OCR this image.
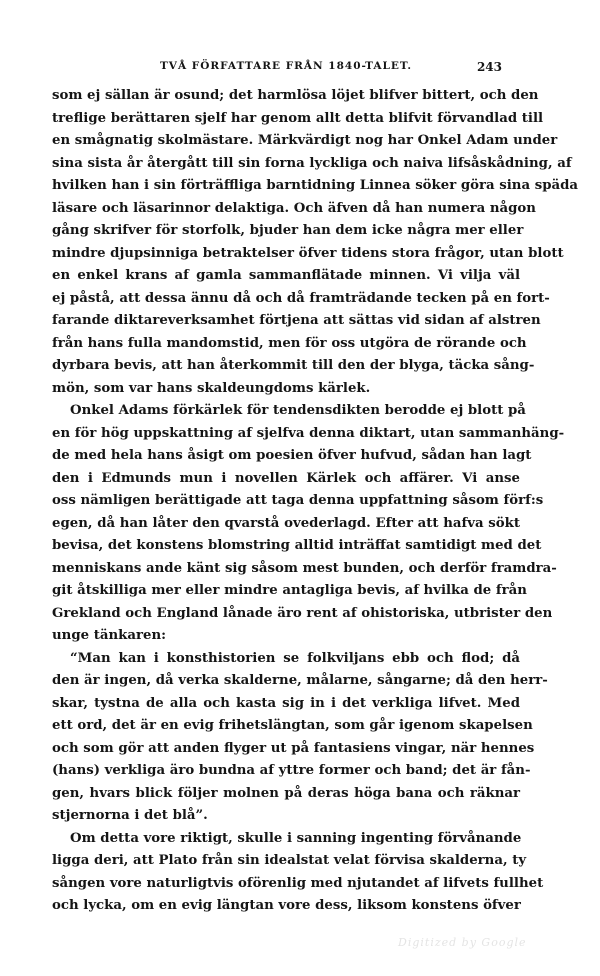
TVÅ FÖRFATTARE FRÅN 1840-TALET.	243
som ej sällan är osund; det harmlösa löjet blifver bittert, och den
treflige berättaren sjelf har genom allt detta blifvit förvandlad till
en smågnatig skolmästare. Märkvärdigt nog har Onkel Adam under
sina sista år återgått till sin forna lyckliga och naiva lifsåskådning, af
hvilken han i sin förträffliga barntidning Linnea söker göra sina späda
läsare och läsarinnor delaktiga. Och äfven då han numera någon
gång skrifver för storfolk, bjuder han dem icke några mer eller
mindre djupsinniga betraktelser öfver tidens stora frågor, utan blott
en enkel krans af gamla sammanflätade minnen. Vi vilja väl
ej påstå, att dessa ännu då och då framträdande tecken på en fort-
farande diktareverksamhet förtjena att sättas vid sidan af alstren
från hans fulla mandomstid, men för oss utgöra de rörande och
dyrbara bevis, att han återkommit till den der blyga, täcka sång-
mön, som var hans skaldeungdoms kärlek.
Onkel Adams förkärlek för tendensdikten berodde ej blott på
en för hög uppskattning af sjelfva denna diktart, utan sammanhäng-
de med hela hans åsigt om poesien öfver hufvud, sådan han lagt
den i Edmunds mun i novellen Kärlek och affärer. Vi anse
oss nämligen berättigade att taga denna uppfattning såsom förf:s
egen, då han låter den qvarstå ovederlagd. Efter att hafva sökt
bevisa, det konstens blomstring alltid inträffat samtidigt med det
menniskans ande känt sig såsom mest bunden, och derför framdra-
git åtskilliga mer eller mindre antagliga bevis, af hvilka de från
Grekland och England lånade äro rent af ohistoriska, utbrister den
unge tänkaren:
“Man kan i konsthistorien se folkviljans ebb och flod; då
den är ingen, då verka skalderne, målarne, sångarne; då den herr-
skar, tystna de alla och kasta sig in i det verkliga lifvet. Med
ett ord, det är en evig frihetslängtan, som går igenom skapelsen
och som gör att anden flyger ut på fantasiens vingar, när hennes
(hans) verkliga äro bundna af yttre former och band; det är fån-
gen, hvars blick följer molnen på deras höga bana och räknar
stjernorna i det blå”.
Om detta vore riktigt, skulle i sanning ingenting förvånande
ligga deri, att Plato från sin idealstat velat förvisa skalderna, ty
sången vore naturligtvis oförenlig med njutandet af lifvets fullhet
och lycka, om en evig längtan vore dess, liksom konstens öfver
Digitized by Google
